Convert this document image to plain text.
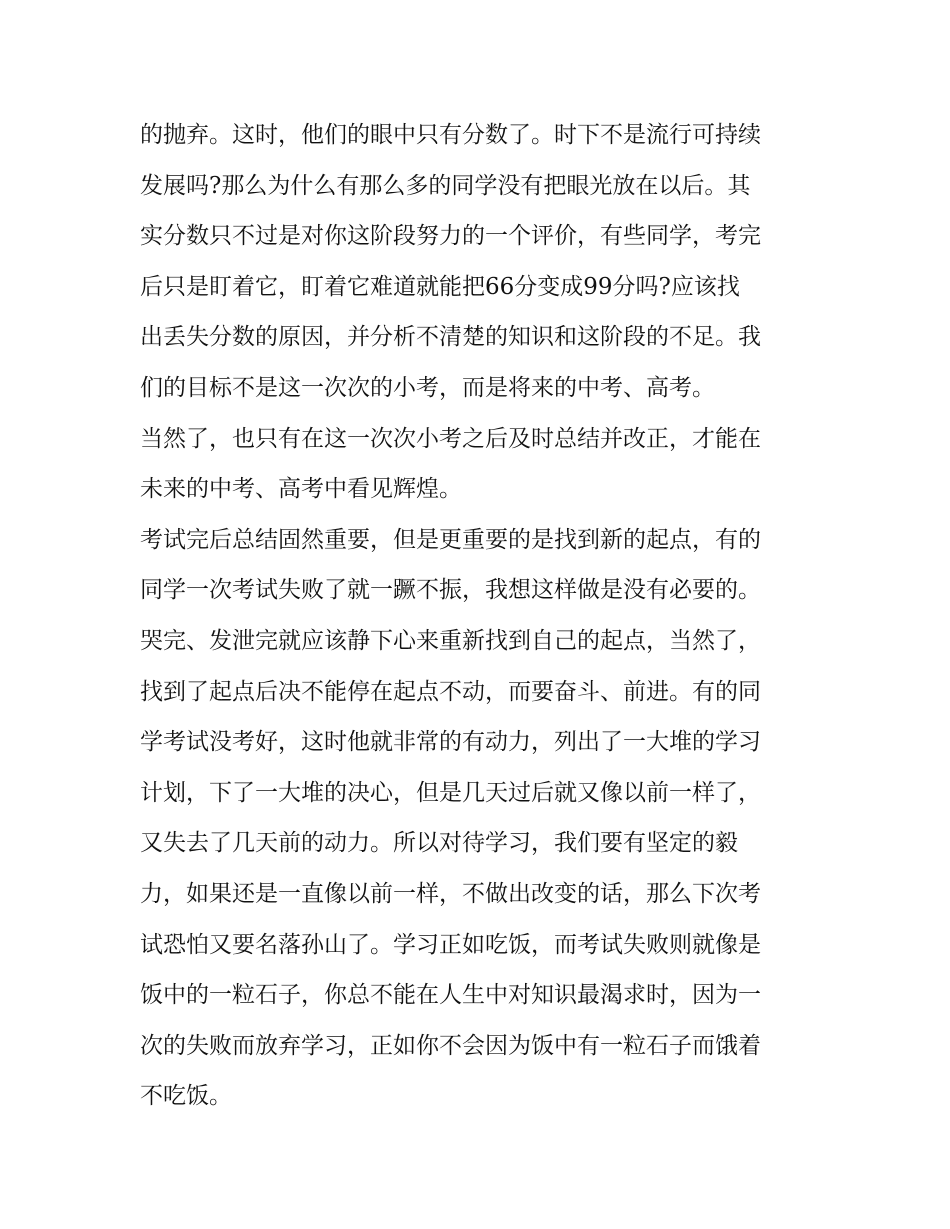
的抛弃。这时，他们的眼中只有分数了。时下不是流行可持续
发展吗?那么为什么有那么多的同学没有把眼光放在以后。其
实分数只不过是对你这阶段努力的一个评价，有些同学，考完
后只是盯着它，盯着它难道就能把66分变成99分吗?应该找
出丢失分数的原因，并分析不清楚的知识和这阶段的不足。我
们的目标不是这一次次的小考，而是将来的中考、高考。
当然了，也只有在这一次次小考之后及时总结并改正，才能在
未来的中考、高考中看见辉煌。
考试完后总结固然重要，但是更重要的是找到新的起点，有的
同学一次考试失败了就一蹶不振，我想这样做是没有必要的。
哭完、发泄完就应该静下心来重新找到自己的起点，当然了，
找到了起点后决不能停在起点不动，而要奋斗、前进。有的同
学考试没考好，这时他就非常的有动力，列出了一大堆的学习
计划，下了一大堆的决心，但是几天过后就又像以前一样了，
又失去了几天前的动力。所以对待学习，我们要有坚定的毅
力，如果还是一直像以前一样，不做出改变的话，那么下次考
试恐怕又要名落孙山了。学习正如吃饭，而考试失败则就像是
饭中的一粒石子，你总不能在人生中对知识最渴求时，因为一
次的失败而放弃学习，正如你不会因为饭中有一粒石子而饿着
不吃饭。
